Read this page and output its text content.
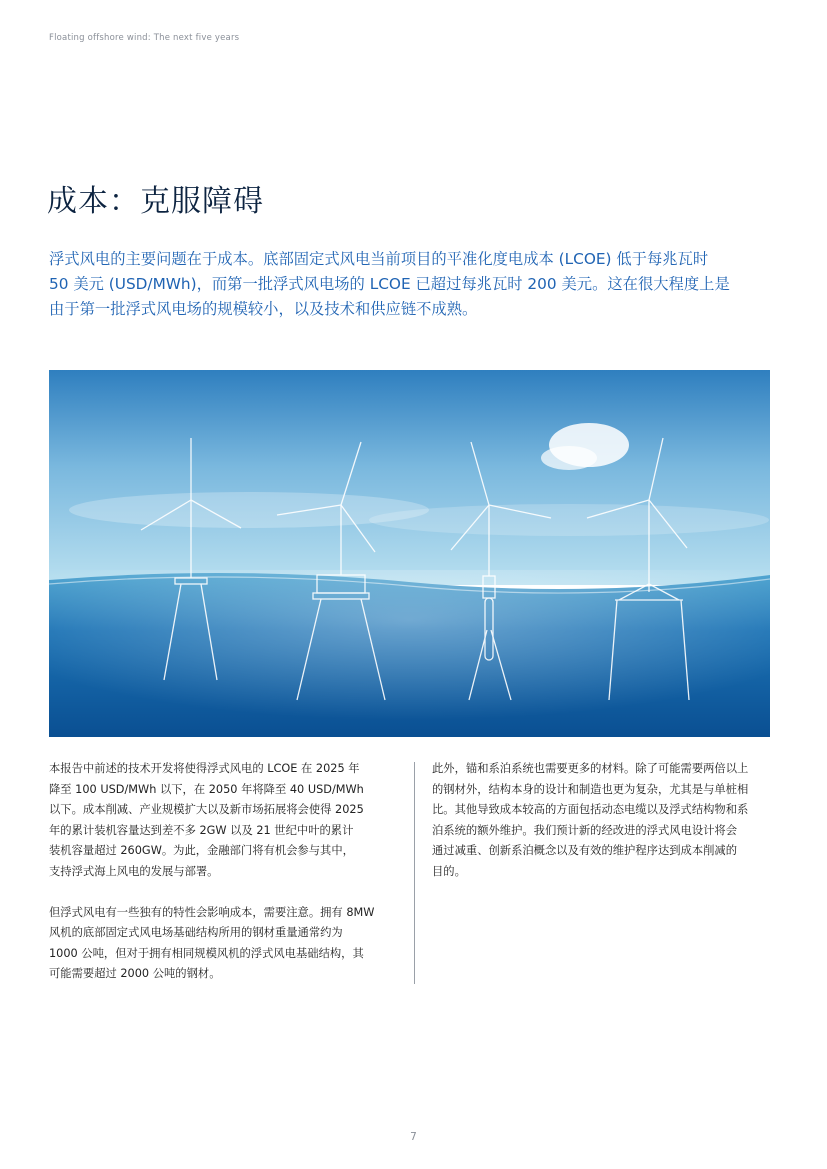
Floating offshore wind: The next five years
成本：克服障碍

浮式风电的主要问题在于成本。底部固定式风电当前项目的平准化度电成本 (LCOE) 低于每兆瓦时
50 美元 (USD/MWh)，而第一批浮式风电场的 LCOE 已超过每兆瓦时 200 美元。这在很大程度上是
由于第一批浮式风电场的规模较小，以及技术和供应链不成熟。

本报告中前述的技术开发将使得浮式风电的 LCOE 在 2025 年
降至 100 USD/MWh 以下，在 2050 年将降至 40 USD/MWh
以下。成本削减、产业规模扩大以及新市场拓展将会使得 2025
年的累计装机容量达到差不多 2GW 以及 21 世纪中叶的累计
装机容量超过 260GW。为此，金融部门将有机会参与其中，
支持浮式海上风电的发展与部署。

但浮式风电有一些独有的特性会影响成本，需要注意。拥有 8MW
风机的底部固定式风电场基础结构所用的钢材重量通常约为
1000 公吨，但对于拥有相同规模风机的浮式风电基础结构，其
可能需要超过 2000 公吨的钢材。

此外，锚和系泊系统也需要更多的材料。除了可能需要两倍以上
的钢材外，结构本身的设计和制造也更为复杂，尤其是与单桩相
比。其他导致成本较高的方面包括动态电缆以及浮式结构物和系
泊系统的额外维护。我们预计新的经改进的浮式风电设计将会
通过减重、创新系泊概念以及有效的维护程序达到成本削减的
目的。

7
